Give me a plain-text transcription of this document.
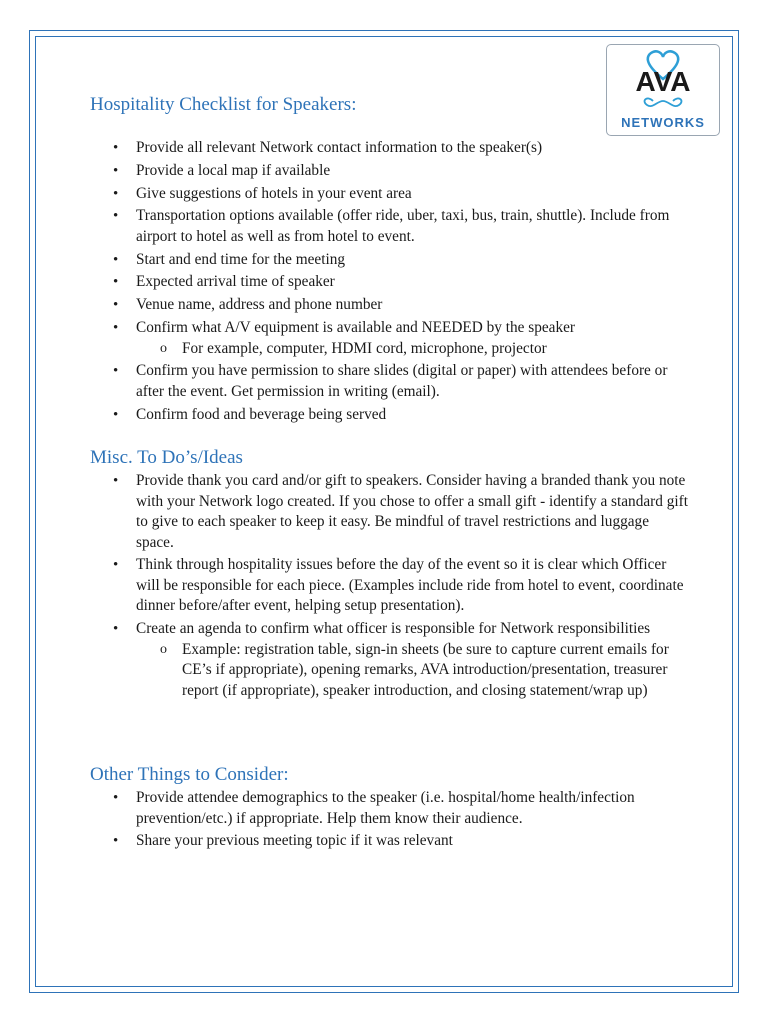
AVA
NETWORKS
Hospitality Checklist for Speakers:
• Provide all relevant Network contact information to the speaker(s)
• Provide a local map if available
• Give suggestions of hotels in your event area
• Transportation options available (offer ride, uber, taxi, bus, train, shuttle). Include from airport to hotel as well as from hotel to event.
• Start and end time for the meeting
• Expected arrival time of speaker
• Venue name, address and phone number
• Confirm what A/V equipment is available and NEEDED by the speaker
o For example, computer, HDMI cord, microphone, projector
• Confirm you have permission to share slides (digital or paper) with attendees before or after the event. Get permission in writing (email).
• Confirm food and beverage being served
Misc. To Do’s/Ideas
• Provide thank you card and/or gift to speakers. Consider having a branded thank you note with your Network logo created. If you chose to offer a small gift - identify a standard gift to give to each speaker to keep it easy. Be mindful of travel restrictions and luggage space.
• Think through hospitality issues before the day of the event so it is clear which Officer will be responsible for each piece. (Examples include ride from hotel to event, coordinate dinner before/after event, helping setup presentation).
• Create an agenda to confirm what officer is responsible for Network responsibilities
o Example: registration table, sign-in sheets (be sure to capture current emails for CE’s if appropriate), opening remarks, AVA introduction/presentation, treasurer report (if appropriate), speaker introduction, and closing statement/wrap up)
Other Things to Consider:
• Provide attendee demographics to the speaker (i.e. hospital/home health/infection prevention/etc.) if appropriate. Help them know their audience.
• Share your previous meeting topic if it was relevant
